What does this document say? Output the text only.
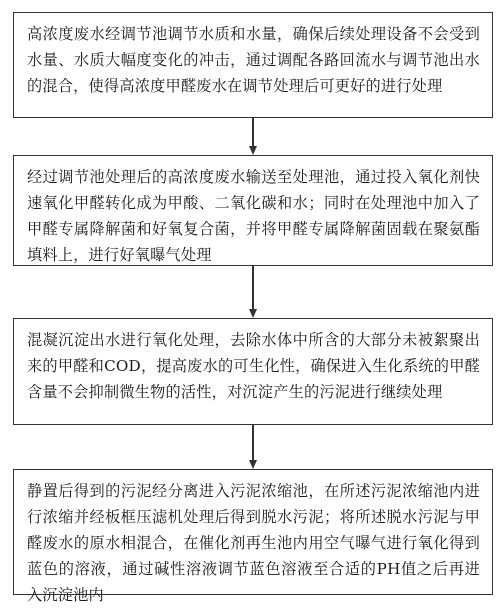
高浓度废水经调节池调节水质和水量，确保后续处理设备不会受到水量、水质大幅度变化的冲击，通过调配各路回流水与调节池出水的混合，使得高浓度甲醛废水在调节处理后可更好的进行处理
经过调节池处理后的高浓度废水输送至处理池，通过投入氧化剂快速氧化甲醛转化成为甲酸、二氧化碳和水；同时在处理池中加入了甲醛专属降解菌和好氧复合菌，并将甲醛专属降解菌固载在聚氨酯填料上，进行好氧曝气处理
混凝沉淀出水进行氧化处理，去除水体中所含的大部分未被絮聚出来的甲醛和COD，提高废水的可生化性，确保进入生化系统的甲醛含量不会抑制微生物的活性，对沉淀产生的污泥进行继续处理
静置后得到的污泥经分离进入污泥浓缩池，在所述污泥浓缩池内进行浓缩并经板框压滤机处理后得到脱水污泥；将所述脱水污泥与甲醛废水的原水相混合，在催化剂再生池内用空气曝气进行氧化得到蓝色的溶液，通过碱性溶液调节蓝色溶液至合适的PH值之后再进入沉淀池内
